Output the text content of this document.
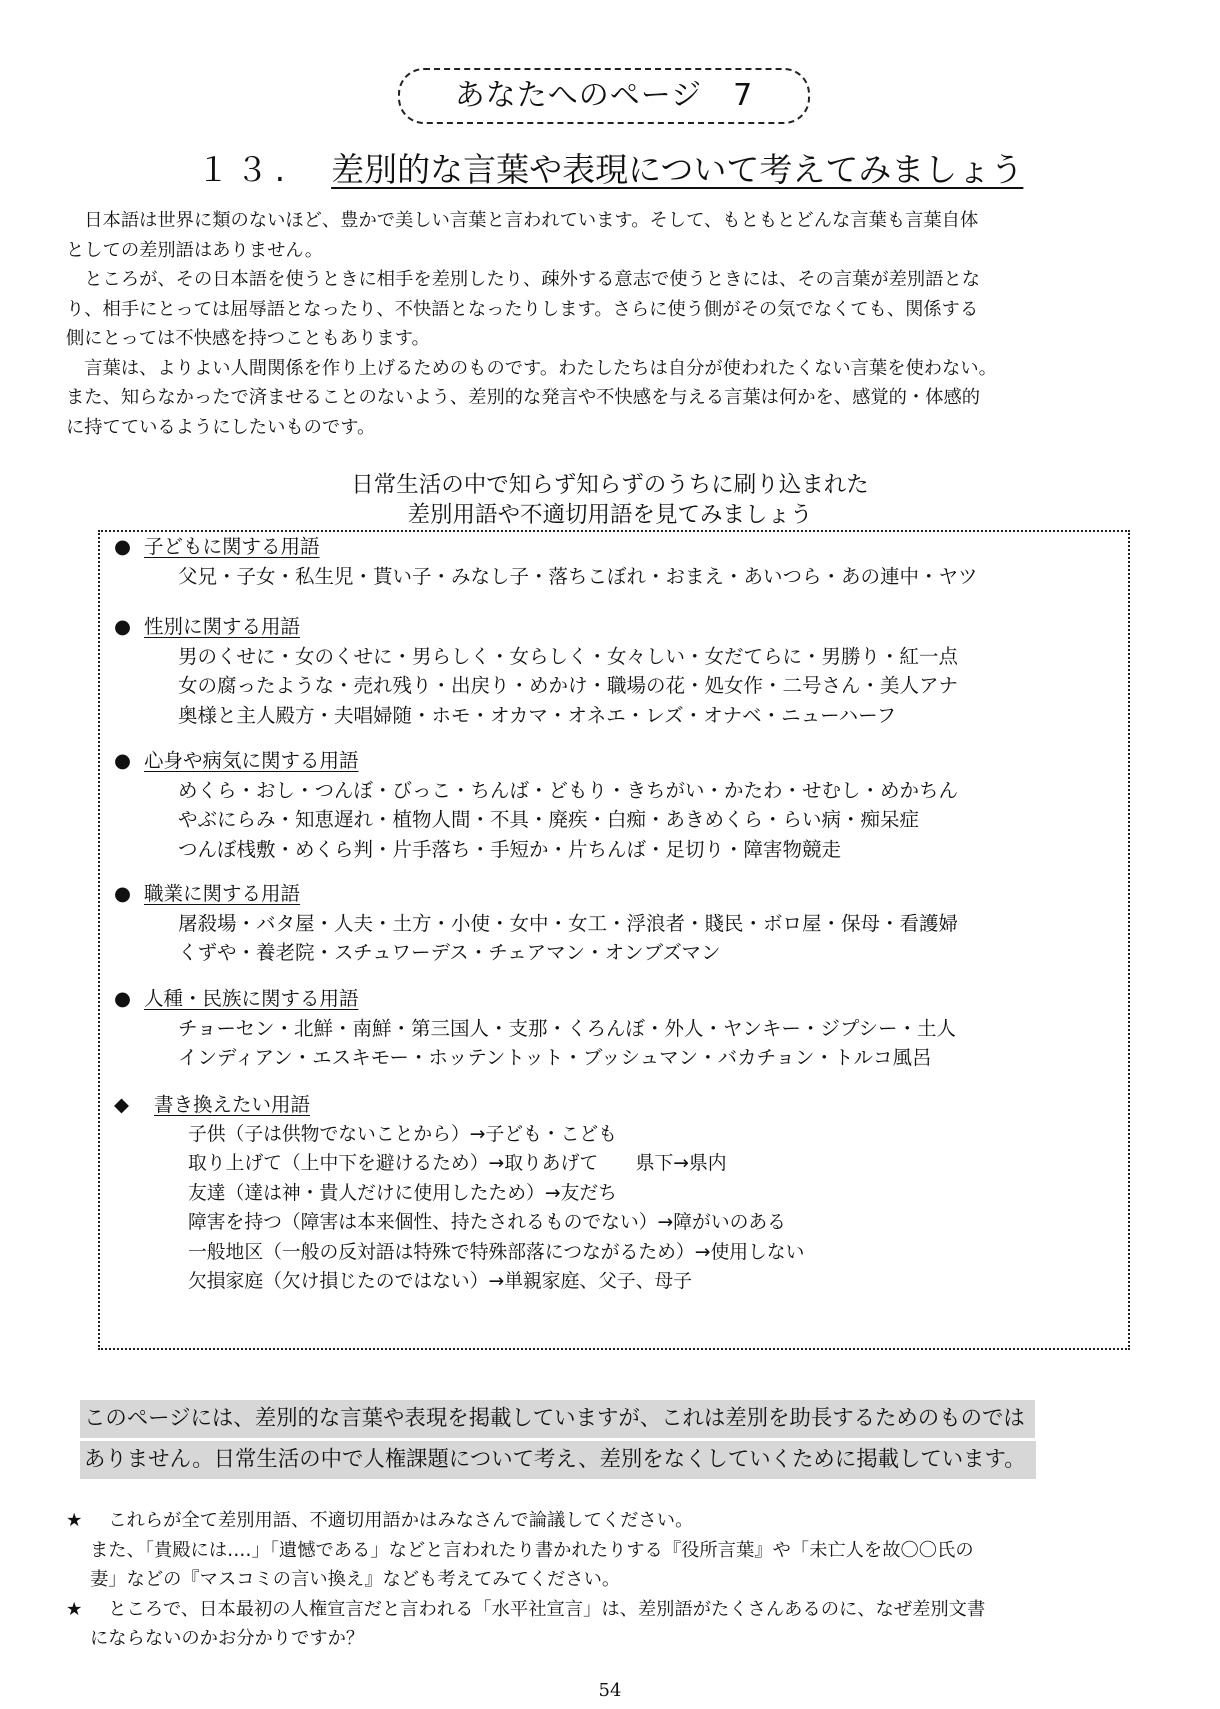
あなたへのページ　7
１３. 差別的な言葉や表現について考えてみましょう

　日本語は世界に類のないほど、豊かで美しい言葉と言われています。そして、もともとどんな言葉も言葉自体

としての差別語はありません。

　ところが、その日本語を使うときに相手を差別したり、疎外する意志で使うときには、その言葉が差別語とな

り、相手にとっては屈辱語となったり、不快語となったりします。さらに使う側がその気でなくても、関係する

側にとっては不快感を持つこともあります。

　言葉は、よりよい人間関係を作り上げるためのものです。わたしたちは自分が使われたくない言葉を使わない。

また、知らなかったで済ませることのないよう、差別的な発言や不快感を与える言葉は何かを、感覚的・体感的

に持てているようにしたいものです。

日常生活の中で知らず知らずのうちに刷り込まれた
差別用語や不適切用語を見てみましょう
● 子どもに関する用語
父兄・子女・私生児・貰い子・みなし子・落ちこぼれ・おまえ・あいつら・あの連中・ヤツ
● 性別に関する用語
男のくせに・女のくせに・男らしく・女らしく・女々しい・女だてらに・男勝り・紅一点
女の腐ったような・売れ残り・出戻り・めかけ・職場の花・処女作・二号さん・美人アナ
奥様と主人殿方・夫唱婦随・ホモ・オカマ・オネエ・レズ・オナベ・ニューハーフ
● 心身や病気に関する用語
めくら・おし・つんぼ・びっこ・ちんば・どもり・きちがい・かたわ・せむし・めかちん
やぶにらみ・知恵遅れ・植物人間・不具・廃疾・白痴・あきめくら・らい病・痴呆症
つんぼ桟敷・めくら判・片手落ち・手短か・片ちんば・足切り・障害物競走
● 職業に関する用語
屠殺場・バタ屋・人夫・土方・小使・女中・女工・浮浪者・賤民・ボロ屋・保母・看護婦
くずや・養老院・スチュワーデス・チェアマン・オンブズマン
● 人種・民族に関する用語
チョーセン・北鮮・南鮮・第三国人・支那・くろんぼ・外人・ヤンキー・ジプシー・土人
インディアン・エスキモー・ホッテントット・ブッシュマン・バカチョン・トルコ風呂
◆ 書き換えたい用語
子供（子は供物でないことから）→子ども・こども
取り上げて（上中下を避けるため）→取りあげて　　県下→県内
友達（達は神・貴人だけに使用したため）→友だち
障害を持つ（障害は本来個性、持たされるものでない）→障がいのある
一般地区（一般の反対語は特殊で特殊部落につながるため）→使用しない
欠損家庭（欠け損じたのではない）→単親家庭、父子、母子
このページには、差別的な言葉や表現を掲載していますが、これは差別を助長するためのものでは
ありません。日常生活の中で人権課題について考え、差別をなくしていくために掲載しています。
★ 　これらが全て差別用語、不適切用語かはみなさんで論議してください。
また、「貴殿には‥‥」「遺憾である」などと言われたり書かれたりする『役所言葉』や「未亡人を故〇〇氏の
妻」などの『マスコミの言い換え』なども考えてみてください。
★ 　ところで、日本最初の人権宣言だと言われる「水平社宣言」は、差別語がたくさんあるのに、なぜ差別文書
にならないのかお分かりですか？
54
